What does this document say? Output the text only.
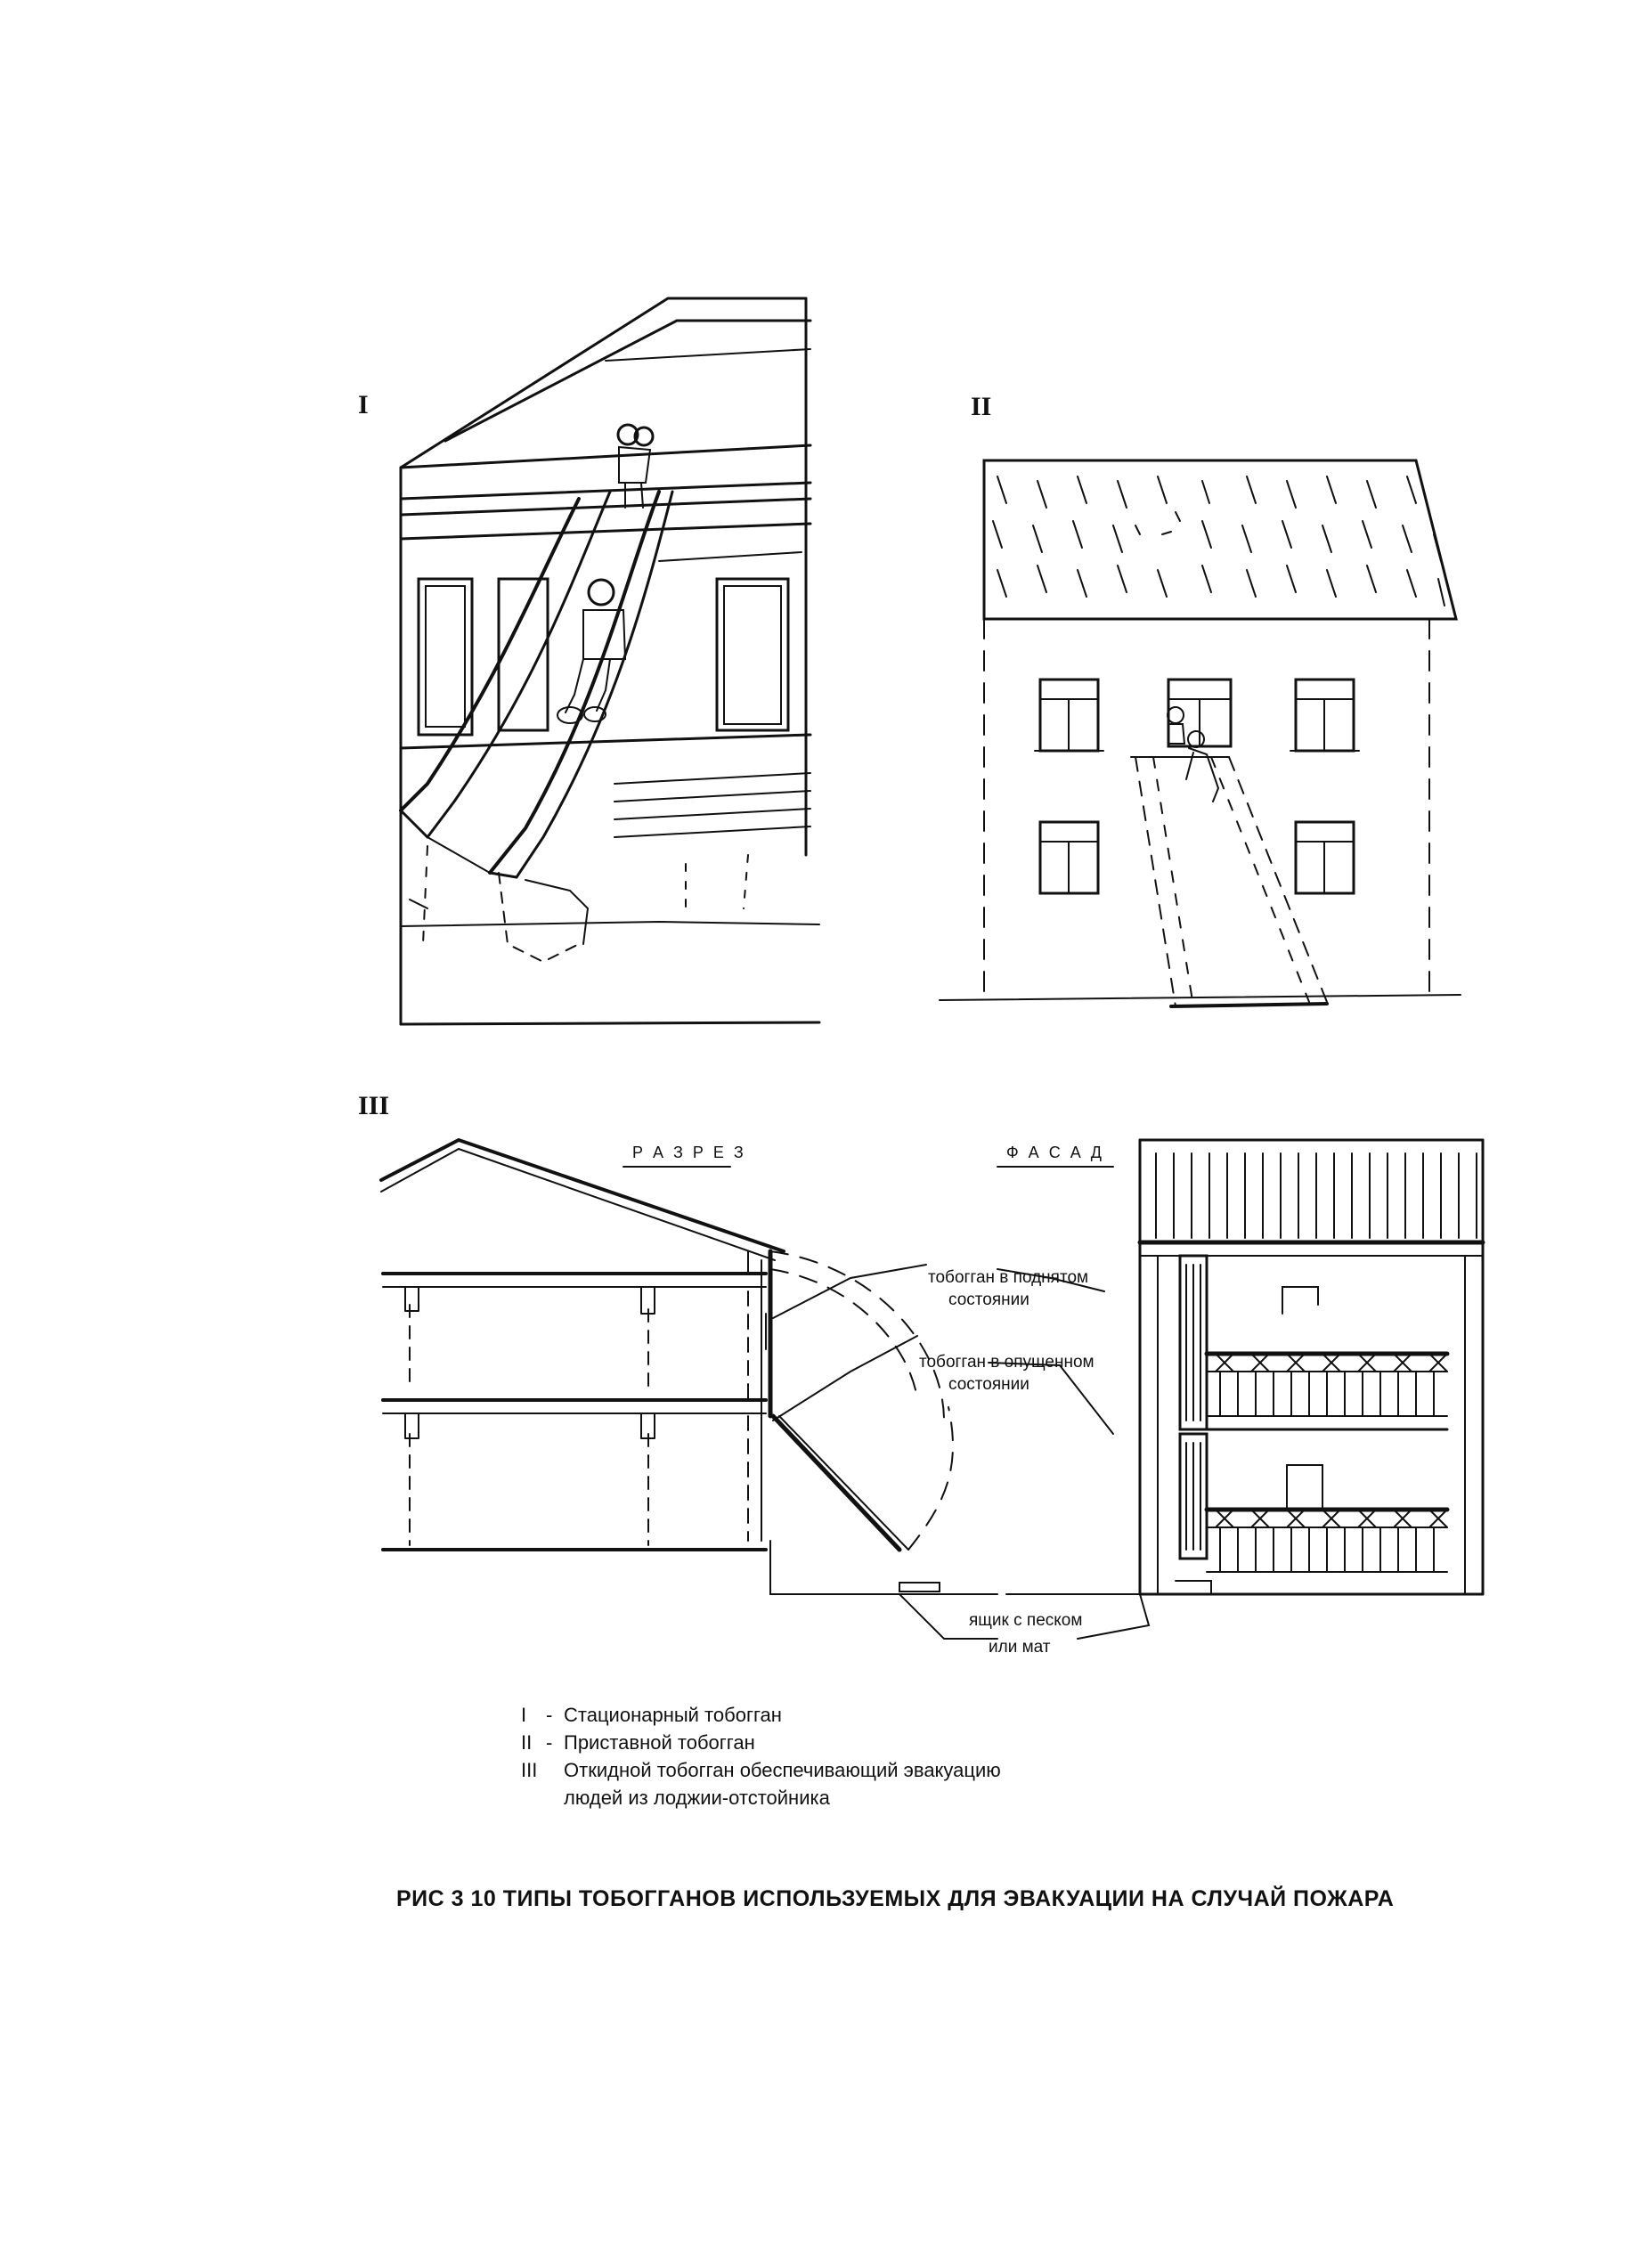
I	II
III
Р А З Р Е З	Ф А С А Д
тобогган в поднятом
состоянии
тобогган в опущенном
состоянии
ящик с песком
или мат
I - Стационарный тобогган
II - Приставной тобогган
III	Откидной тобогган обеспечивающий эвакуацию
людей из лоджии-отстойника
РИС 3 10 ТИПЫ ТОБОГГАНОВ ИСПОЛЬЗУЕМЫХ ДЛЯ ЭВАКУАЦИИ НА СЛУЧАЙ ПОЖАРА
